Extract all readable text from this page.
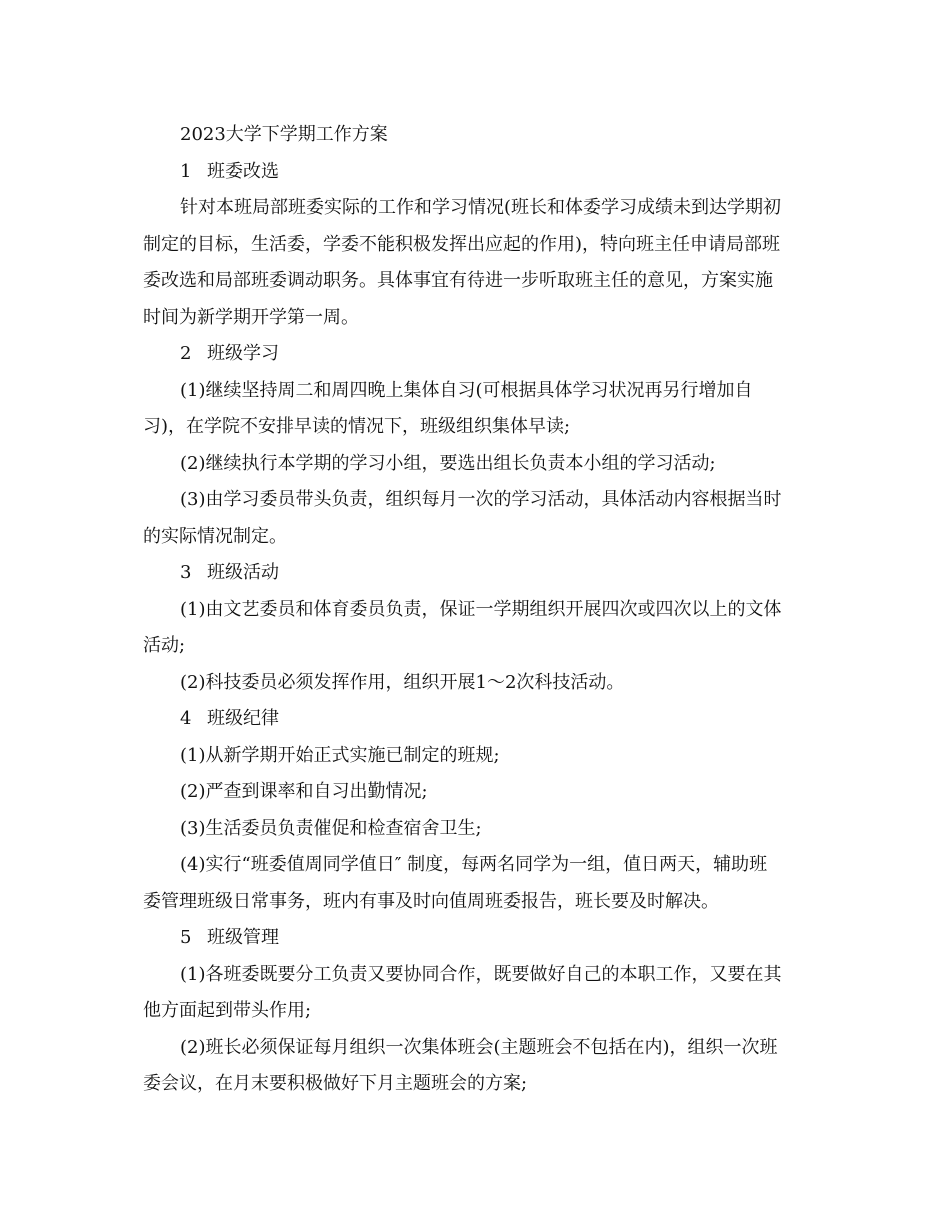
2023大学下学期工作方案

1 班委改选

针对本班局部班委实际的工作和学习情况(班长和体委学习成绩未到达学期初

制定的目标，生活委，学委不能积极发挥出应起的作用)，特向班主任申请局部班

委改选和局部班委调动职务。具体事宜有待进一步听取班主任的意见，方案实施

时间为新学期开学第一周。

2 班级学习

(1)继续坚持周二和周四晚上集体自习(可根据具体学习状况再另行增加自

习)，在学院不安排早读的情况下，班级组织集体早读;

(2)继续执行本学期的学习小组，要选出组长负责本小组的学习活动;

(3)由学习委员带头负责，组织每月一次的学习活动，具体活动内容根据当时

的实际情况制定。

3 班级活动

(1)由文艺委员和体育委员负责，保证一学期组织开展四次或四次以上的文体

活动;

(2)科技委员必须发挥作用，组织开展1～2次科技活动。

4 班级纪律

(1)从新学期开始正式实施已制定的班规;

(2)严查到课率和自习出勤情况;

(3)生活委员负责催促和检查宿舍卫生;

(4)实行“班委值周同学值日″ 制度，每两名同学为一组，值日两天，辅助班

委管理班级日常事务，班内有事及时向值周班委报告，班长要及时解决。

5 班级管理

(1)各班委既要分工负责又要协同合作，既要做好自己的本职工作，又要在其

他方面起到带头作用;

(2)班长必须保证每月组织一次集体班会(主题班会不包括在内)，组织一次班

委会议，在月末要积极做好下月主题班会的方案;
